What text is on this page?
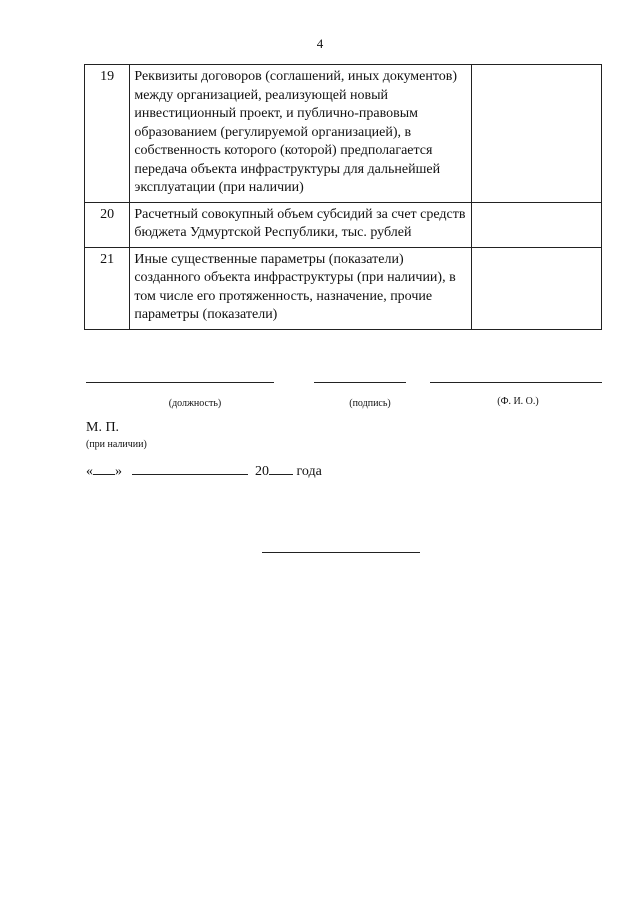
4
19	Реквизиты договоров (соглашений, иных документов) между организацией, реализующей новый инвестиционный проект, и публично-правовым образованием (регулируемой организацией), в собственность которого (которой) предполагается передача объекта инфраструктуры для дальнейшей эксплуатации (при наличии)	
20	Расчетный совокупный объем субсидий за счет средств бюджета Удмуртской Республики, тыс. рублей	
21	Иные существенные параметры (показатели) созданного объекта инфраструктуры (при наличии), в том числе его протяженность, назначение, прочие параметры (показатели)	
(должность)	(подпись)	(Ф. И. О.)
М. П.
(при наличии)
« »	20 года
